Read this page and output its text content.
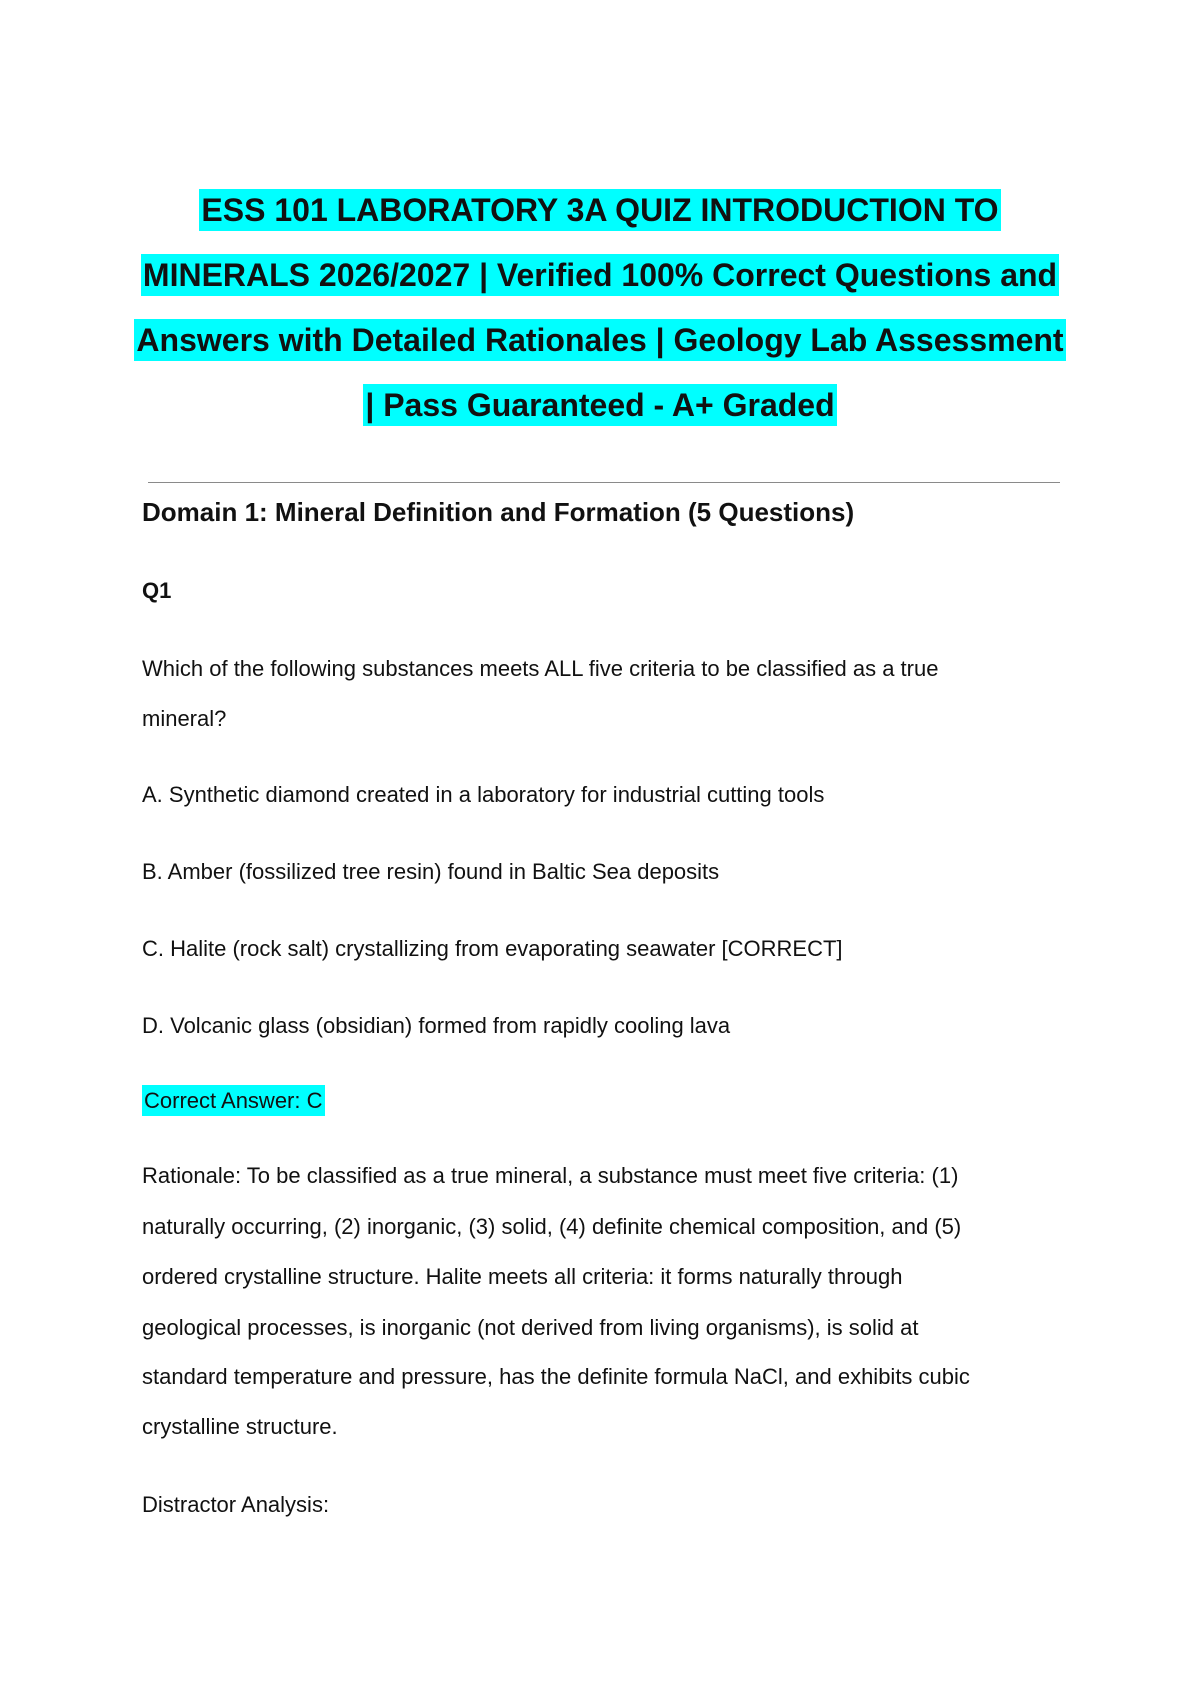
ESS 101 LABORATORY 3A QUIZ INTRODUCTION TO
MINERALS 2026/2027 | Verified 100% Correct Questions and
Answers with Detailed Rationales | Geology Lab Assessment
| Pass Guaranteed - A+ Graded
Domain 1: Mineral Definition and Formation (5 Questions)
Q1
Which of the following substances meets ALL five criteria to be classified as a true
mineral?
A. Synthetic diamond created in a laboratory for industrial cutting tools
B. Amber (fossilized tree resin) found in Baltic Sea deposits
C. Halite (rock salt) crystallizing from evaporating seawater [CORRECT]
D. Volcanic glass (obsidian) formed from rapidly cooling lava
Correct Answer: C
Rationale: To be classified as a true mineral, a substance must meet five criteria: (1)
naturally occurring, (2) inorganic, (3) solid, (4) definite chemical composition, and (5)
ordered crystalline structure. Halite meets all criteria: it forms naturally through
geological processes, is inorganic (not derived from living organisms), is solid at
standard temperature and pressure, has the definite formula NaCl, and exhibits cubic
crystalline structure.
Distractor Analysis:
